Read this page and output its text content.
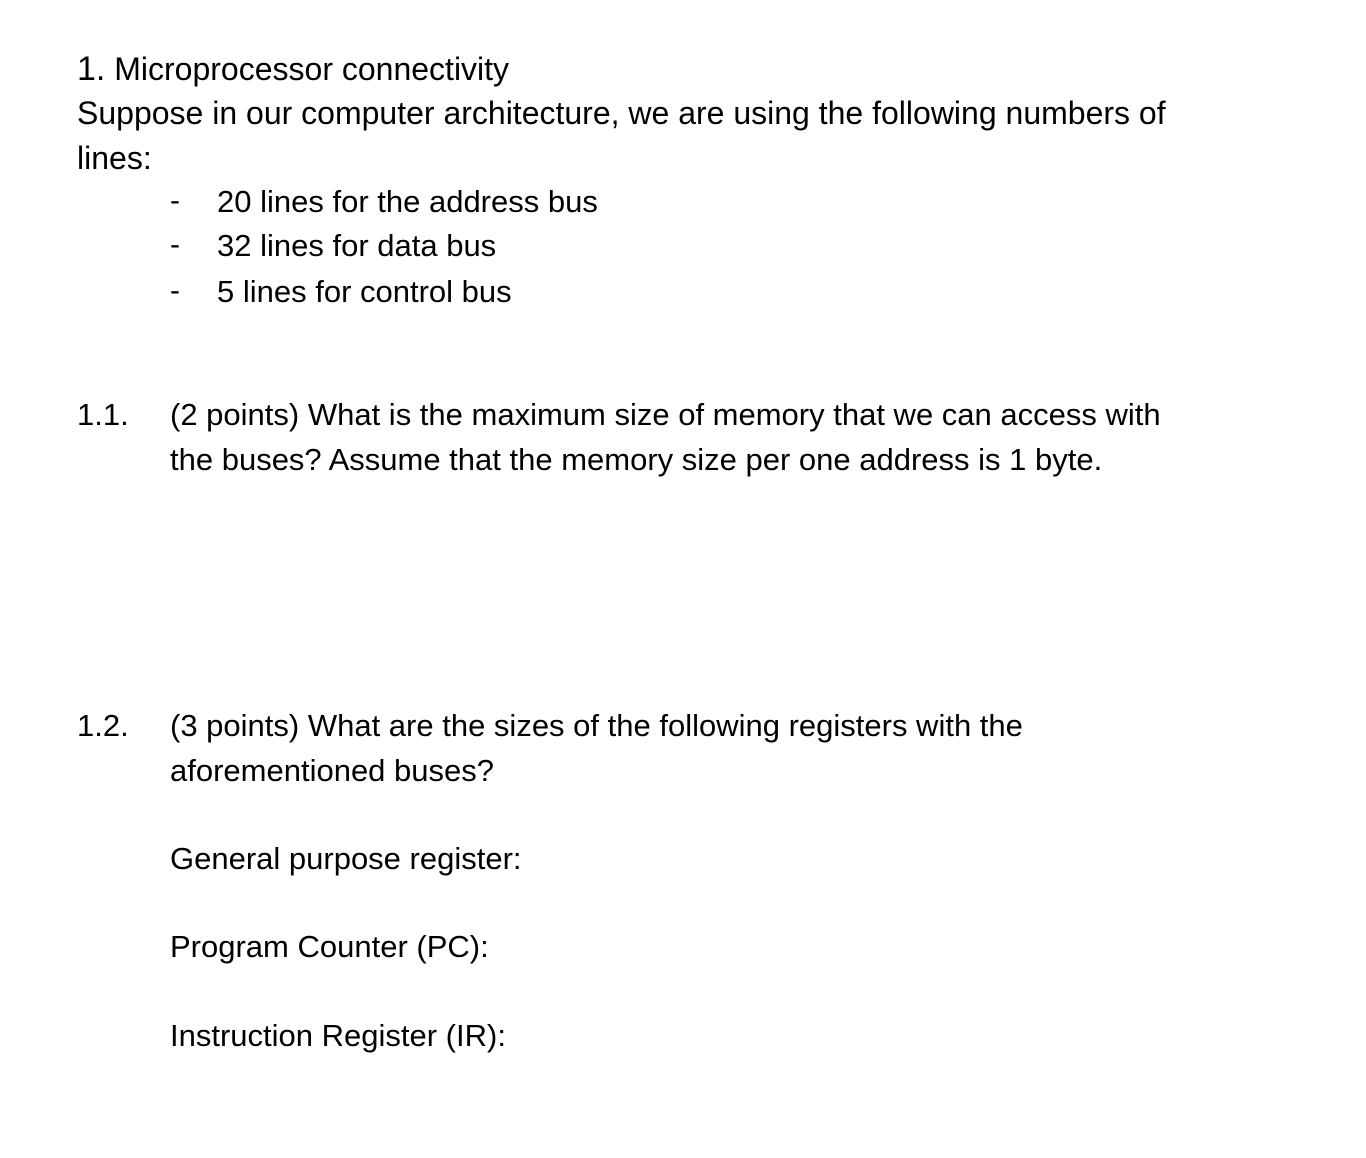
1. Microprocessor connectivity
Suppose in our computer architecture, we are using the following numbers of
lines:
- 20 lines for the address bus
- 32 lines for data bus
- 5 lines for control bus
1.1. (2 points) What is the maximum size of memory that we can access with
the buses? Assume that the memory size per one address is 1 byte.
1.2. (3 points) What are the sizes of the following registers with the
aforementioned buses?
General purpose register:
Program Counter (PC):
Instruction Register (IR):
